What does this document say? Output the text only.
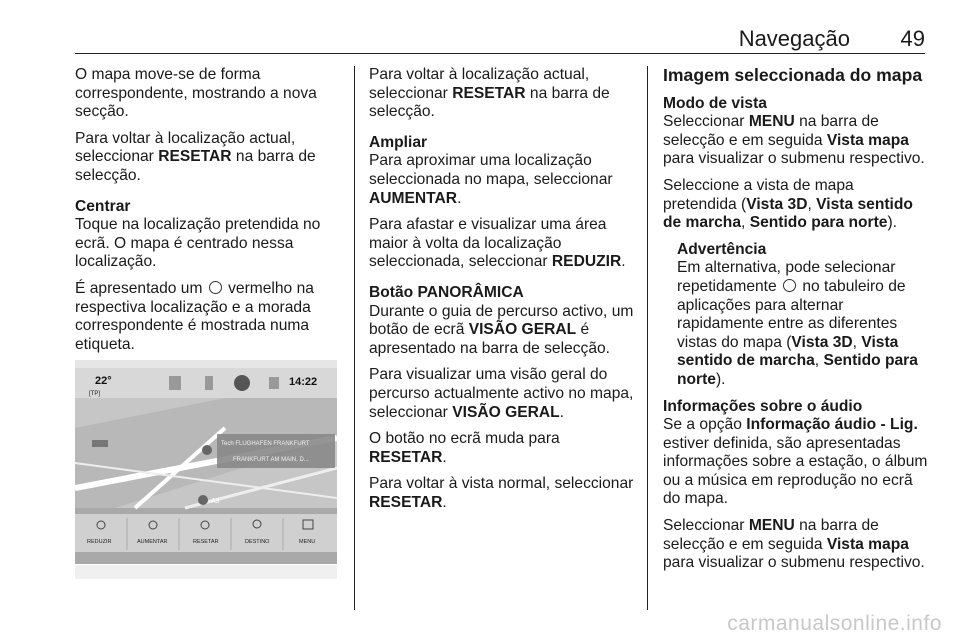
Navegação 49

O mapa move-se de forma correspondente, mostrando a nova secção.

Para voltar à localização actual, seleccionar RESETAR na barra de selecção.

Centrar

Toque na localização pretendida no ecrã. O mapa é centrado nessa localização.

É apresentado um  vermelho na respectiva localização e a morada correspondente é mostrada numa etiqueta.

22°
[TP]
14:22
Tech FLUGHAFEN FRANKFURT
FRANKFURT AM MAIN, D...
A3
REDUZIR	AUMENTAR	RESETAR	DESTINO	MENU

Para voltar à localização actual, seleccionar RESETAR na barra de selecção.

Ampliar

Para aproximar uma localização seleccionada no mapa, seleccionar AUMENTAR.

Para afastar e visualizar uma área maior à volta da localização seleccionada, seleccionar REDUZIR.

Botão PANORÂMICA

Durante o guia de percurso activo, um botão de ecrã VISÃO GERAL é apresentado na barra de selecção.

Para visualizar uma visão geral do percurso actualmente activo no mapa, seleccionar VISÃO GERAL.

O botão no ecrã muda para RESETAR.

Para voltar à vista normal, seleccionar RESETAR.

Imagem seleccionada do mapa
Modo de vista

Seleccionar MENU na barra de selecção e em seguida Vista mapa para visualizar o submenu respectivo.

Seleccione a vista de mapa pretendida (Vista 3D, Vista sentido de marcha, Sentido para norte).

Advertência

Em alternativa, pode selecionar repetidamente  no tabuleiro de aplicações para alternar rapidamente entre as diferentes vistas do mapa (Vista 3D, Vista sentido de marcha, Sentido para norte).

Informações sobre o áudio

Se a opção Informação áudio - Lig. estiver definida, são apresentadas informações sobre a estação, o álbum ou a música em reprodução no ecrã do mapa.

Seleccionar MENU na barra de selecção e em seguida Vista mapa para visualizar o submenu respectivo.

carmanualsonline.info
